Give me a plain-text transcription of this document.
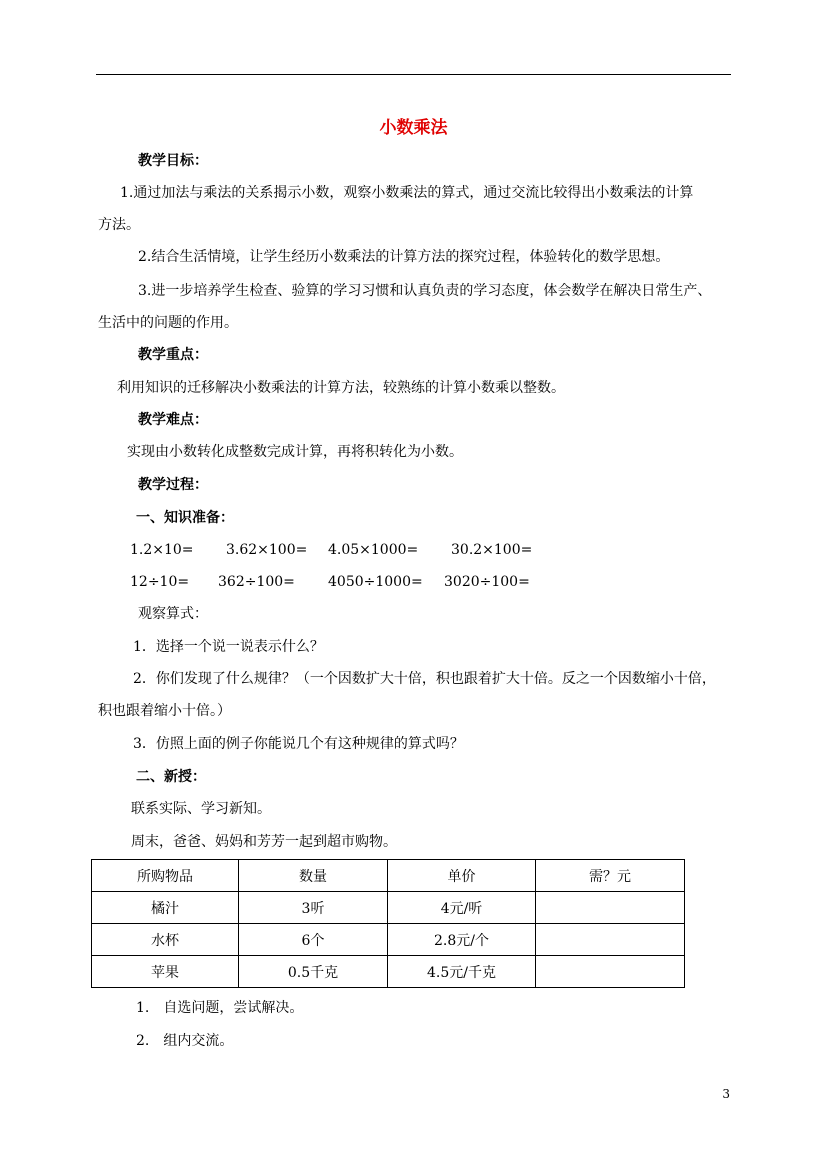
小数乘法
教学目标：
1.通过加法与乘法的关系揭示小数，观察小数乘法的算式，通过交流比较得出小数乘法的计算
方法。
2.结合生活情境，让学生经历小数乘法的计算方法的探究过程，体验转化的数学思想。
3.进一步培养学生检查、验算的学习习惯和认真负责的学习态度，体会数学在解决日常生产、
生活中的问题的作用。
教学重点：
利用知识的迁移解决小数乘法的计算方法，较熟练的计算小数乘以整数。
教学难点：
实现由小数转化成整数完成计算，再将积转化为小数。
教学过程：
一、知识准备：
1.2×10= 3.62×100= 4.05×1000= 30.2×100=
12÷10= 362÷100= 4050÷1000= 3020÷100=
观察算式：
1．选择一个说一说表示什么？
2．你们发现了什么规律？（一个因数扩大十倍，积也跟着扩大十倍。反之一个因数缩小十倍，
积也跟着缩小十倍。）
3．仿照上面的例子你能说几个有这种规律的算式吗？
二、新授：
联系实际、学习新知。
周末，爸爸、妈妈和芳芳一起到超市购物。
所购物品	数量	单价	需？元
橘汁	3听	4元/听	
水杯	6个	2.8元/个	
苹果	0.5千克	4.5元/千克	
1.　自选问题，尝试解决。
2.　组内交流。
3
